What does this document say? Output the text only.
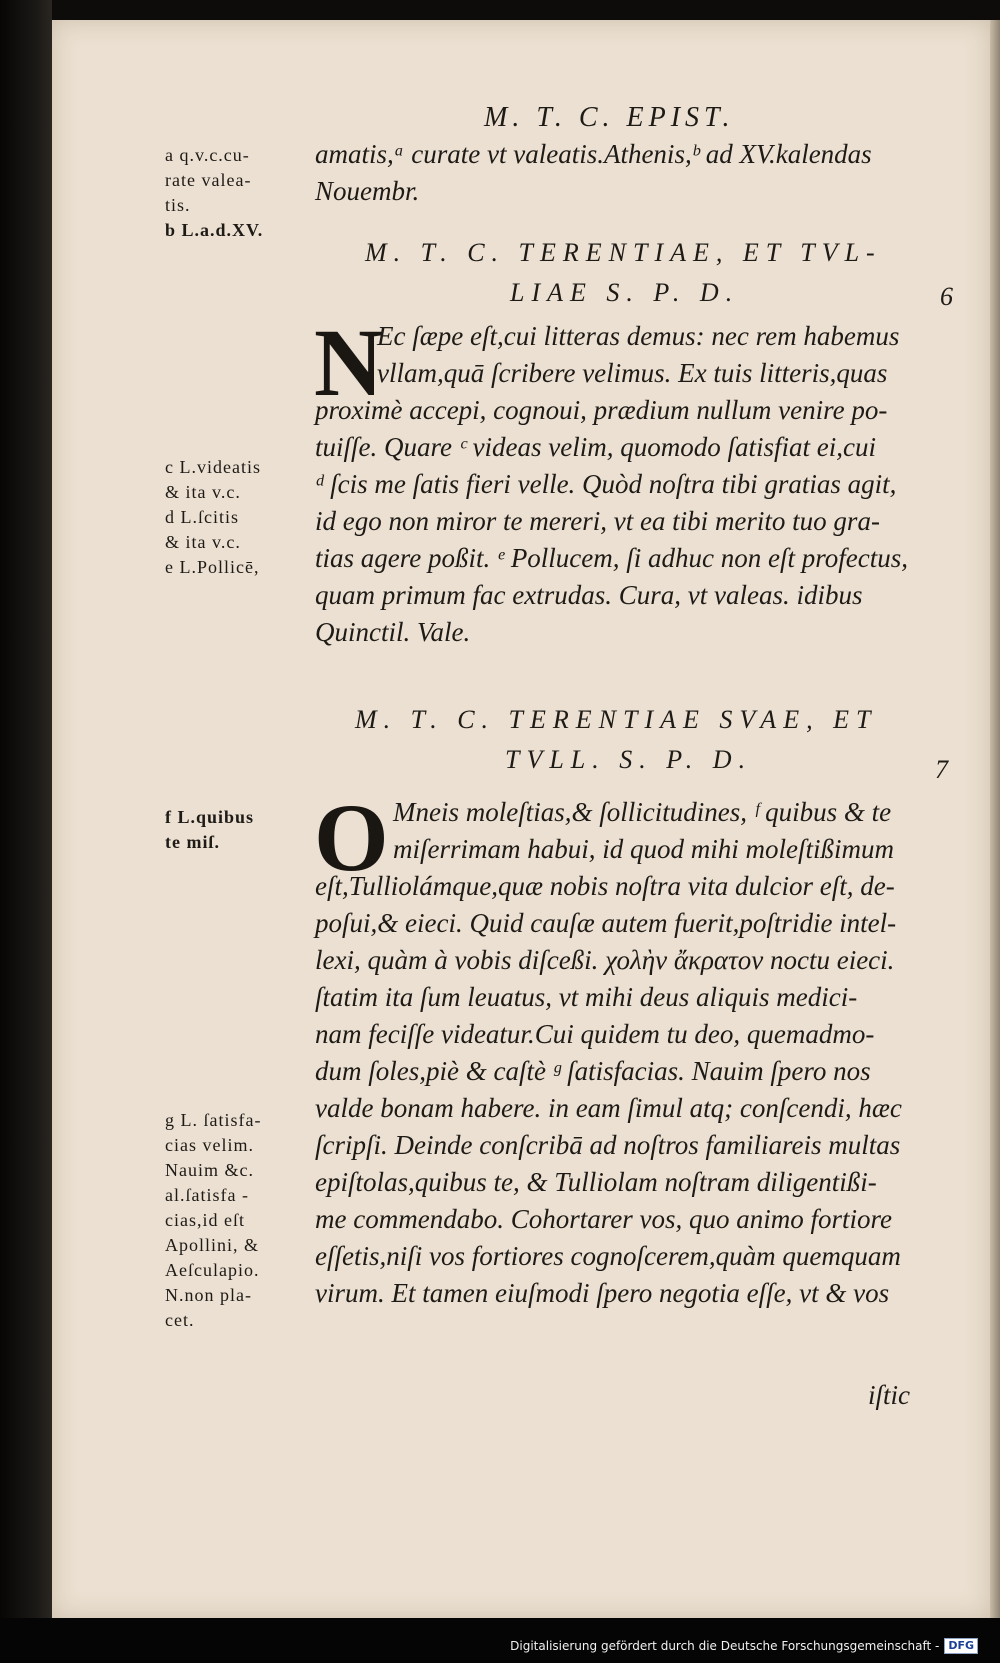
M. T. C. EPIST.
a q.v.c.cu-
rate valea-
tis.
b L.a.d.XV.
c L.videatis
& ita v.c.
d L.ſcitis
& ita v.c.
e L.Pollicē,
f L.quibus
te miſ.
g L. ſatisfa-
cias velim.
Nauim &c.
al.ſatisfa -
cias,id eſt
Apollini, &
Aeſculapio.
N.non pla-
cet.
amatis,ᵃ curate vt valeatis.Athenis,ᵇ ad XV.kalendas
Nouembr.
M. T. C. TERENTIAE, ET TVL-
LIAE S. P. D.	6
N
Ec ſæpe eſt,cui litteras demus: nec rem habemus
vllam,quā ſcribere velimus. Ex tuis litteris,quas
proximè accepi, cognoui, prædium nullum venire po-
tuiſſe. Quare ᶜ videas velim, quomodo ſatisfiat ei,cui
ᵈ ſcis me ſatis fieri velle. Quòd noſtra tibi gratias agit,
id ego non miror te mereri, vt ea tibi merito tuo gra-
tias agere poßit. ᵉ Pollucem, ſi adhuc non eſt profectus,
quam primum fac extrudas. Cura, vt valeas. idibus
Quinctil. Vale.
M. T. C. TERENTIAE SVAE, ET
TVLL. S. P. D.	7
O Mneis moleſtias,& ſollicitudines, ᶠ quibus & te
miſerrimam habui, id quod mihi moleſtißimum
eſt,Tulliolámque,quæ nobis noſtra vita dulcior eſt, de-
poſui,& eieci. Quid cauſæ autem fuerit,poſtridie intel-
lexi, quàm à vobis diſceßi. χολὴν ἄκρατον noctu eieci.
ſtatim ita ſum leuatus, vt mihi deus aliquis medici-
nam feciſſe videatur.Cui quidem tu deo, quemadmo-
dum ſoles,piè & caſtè ᵍ ſatisfacias. Nauim ſpero nos
valde bonam habere. in eam ſimul atq; conſcendi, hæc
ſcripſi. Deinde conſcribā ad noſtros familiareis multas
epiſtolas,quibus te, & Tulliolam noſtram diligentißi-
me commendabo. Cohortarer vos, quo animo fortiore
eſſetis,niſi vos fortiores cognoſcerem,quàm quemquam
virum. Et tamen eiuſmodi ſpero negotia eſſe, vt & vos
iſtic
Digitalisierung gefördert durch die Deutsche Forschungsgemeinschaft - DFG
